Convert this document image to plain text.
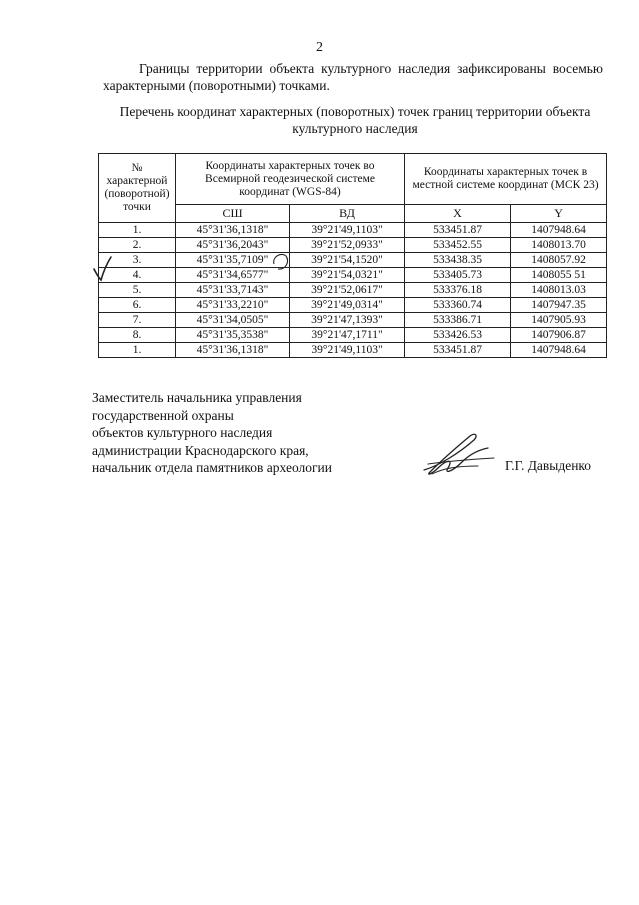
2

Границы территории объекта культурного наследия зафиксированы восемью характерными (поворотными) точками.

Перечень координат характерных (поворотных) точек границ территории объекта культурного наследия

№ характерной (поворотной) точки	Координаты характерных точек во Всемирной геодезической системе координат (WGS-84)		Координаты характерных точек в местной системе координат (МСК 23)	
	СШ	ВД	X	Y
1.	45°31'36,1318"	39°21'49,1103"	533451.87	1407948.64
2.	45°31'36,2043"	39°21'52,0933"	533452.55	1408013.70
3.	45°31'35,7109"	39°21'54,1520"	533438.35	1408057.92
4.	45°31'34,6577"	39°21'54,0321"	533405.73	1408055 51
5.	45°31'33,7143"	39°21'52,0617"	533376.18	1408013.03
6.	45°31'33,2210"	39°21'49,0314"	533360.74	1407947.35
7.	45°31'34,0505"	39°21'47,1393"	533386.71	1407905.93
8.	45°31'35,3538"	39°21'47,1711"	533426.53	1407906.87
1.	45°31'36,1318"	39°21'49,1103"	533451.87	1407948.64
Заместитель начальника управления
государственной охраны
объектов культурного наследия
администрации Краснодарского края,
начальник отдела памятников археологии	Г.Г. Давыденко
